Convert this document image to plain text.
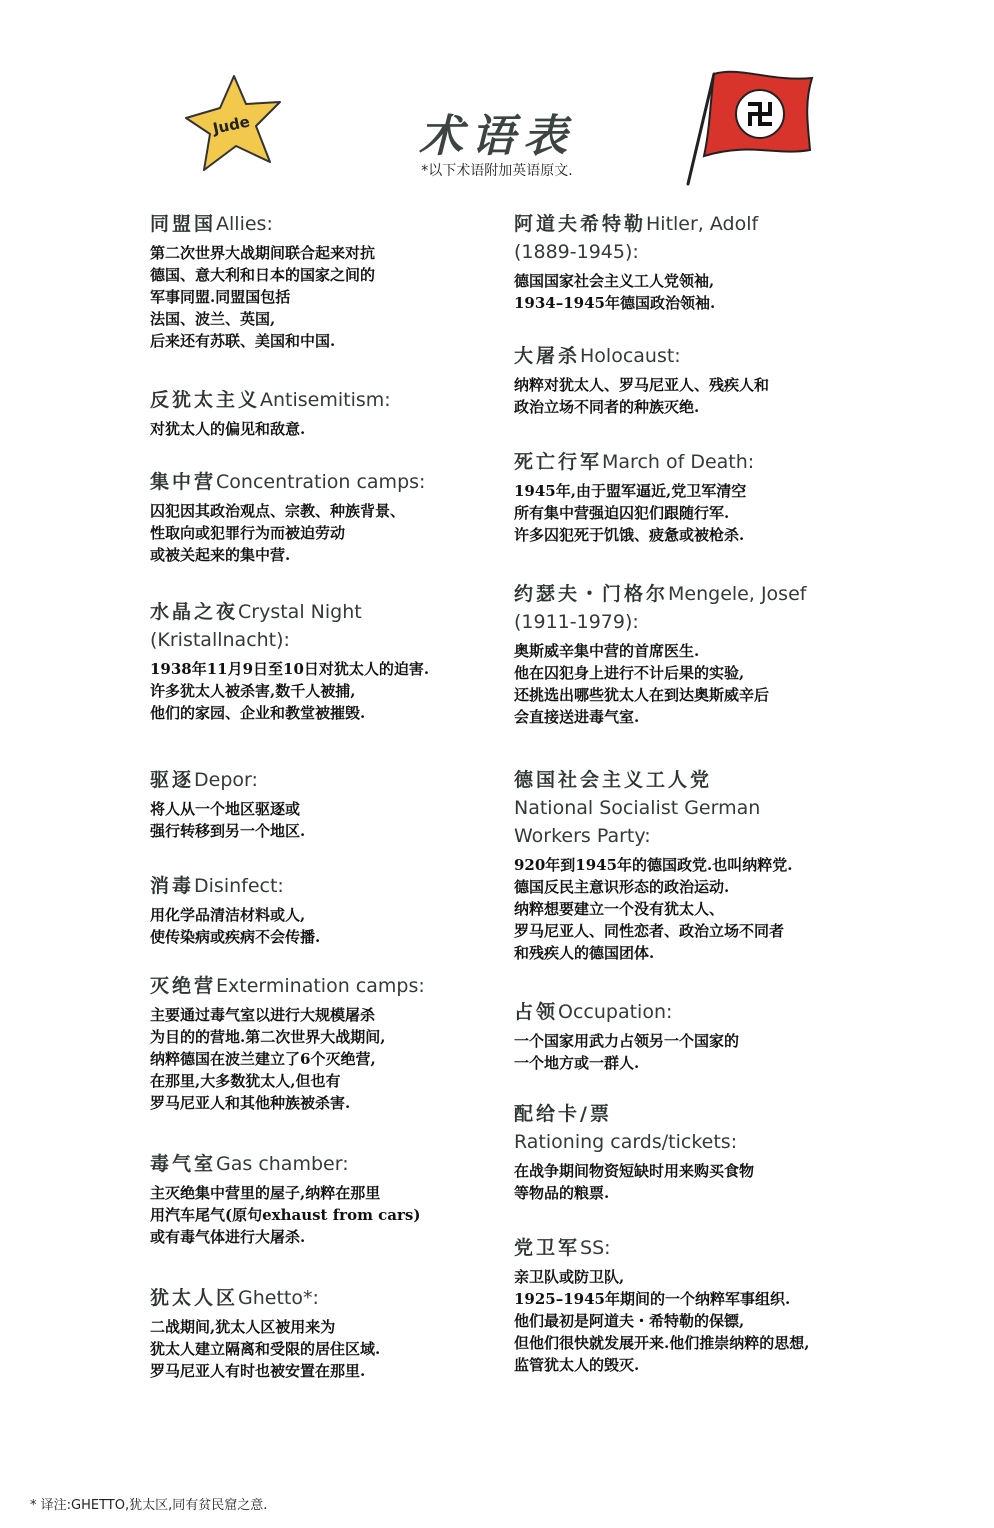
Jude	术语表
*以下术语附加英语原文.
同盟国Allies:
第二次世界大战期间联合起来对抗
德国、意大利和日本的国家之间的
军事同盟.同盟国包括
法国、波兰、英国,
后来还有苏联、美国和中国.
反犹太主义Antisemitism:
对犹太人的偏见和敌意.
集中营Concentration camps:
囚犯因其政治观点、宗教、种族背景、
性取向或犯罪行为而被迫劳动
或被关起来的集中营.
水晶之夜Crystal Night
(Kristallnacht):
1938年11月9日至10日对犹太人的迫害.
许多犹太人被杀害,数千人被捕,
他们的家园、企业和教堂被摧毁.
驱逐Depor:
将人从一个地区驱逐或
强行转移到另一个地区.
消毒Disinfect:
用化学品清洁材料或人,
使传染病或疾病不会传播.
灭绝营Extermination camps:
主要通过毒气室以进行大规模屠杀
为目的的营地.第二次世界大战期间,
纳粹德国在波兰建立了6个灭绝营,
在那里,大多数犹太人,但也有
罗马尼亚人和其他种族被杀害.
毒气室Gas chamber:
主灭绝集中营里的屋子,纳粹在那里
用汽车尾气(原句exhaust from cars)
或有毒气体进行大屠杀.
犹太人区Ghetto*:
二战期间,犹太人区被用来为
犹太人建立隔离和受限的居住区域.
罗马尼亚人有时也被安置在那里.
阿道夫希特勒Hitler, Adolf
(1889-1945):
德国国家社会主义工人党领袖,
1934–1945年德国政治领袖.
大屠杀Holocaust:
纳粹对犹太人、罗马尼亚人、残疾人和
政治立场不同者的种族灭绝.
死亡行军March of Death:
1945年,由于盟军逼近,党卫军清空
所有集中营强迫囚犯们跟随行军.
许多囚犯死于饥饿、疲惫或被枪杀.
约瑟夫・门格尔Mengele, Josef
(1911-1979):
奥斯威辛集中营的首席医生.
他在囚犯身上进行不计后果的实验,
还挑选出哪些犹太人在到达奥斯威辛后
会直接送进毒气室.
德国社会主义工人党
National Socialist German
Workers Party:
920年到1945年的德国政党.也叫纳粹党.
德国反民主意识形态的政治运动.
纳粹想要建立一个没有犹太人、
罗马尼亚人、同性恋者、政治立场不同者
和残疾人的德国团体.
占领Occupation:
一个国家用武力占领另一个国家的
一个地方或一群人.
配给卡/票
Rationing cards/tickets:
在战争期间物资短缺时用来购买食物
等物品的粮票.
党卫军SS:
亲卫队或防卫队,
1925–1945年期间的一个纳粹军事组织.
他们最初是阿道夫・希特勒的保镖,
但他们很快就发展开来.他们推崇纳粹的思想,
监管犹太人的毁灭.
* 译注:GHETTO,犹太区,同有贫民窟之意.
